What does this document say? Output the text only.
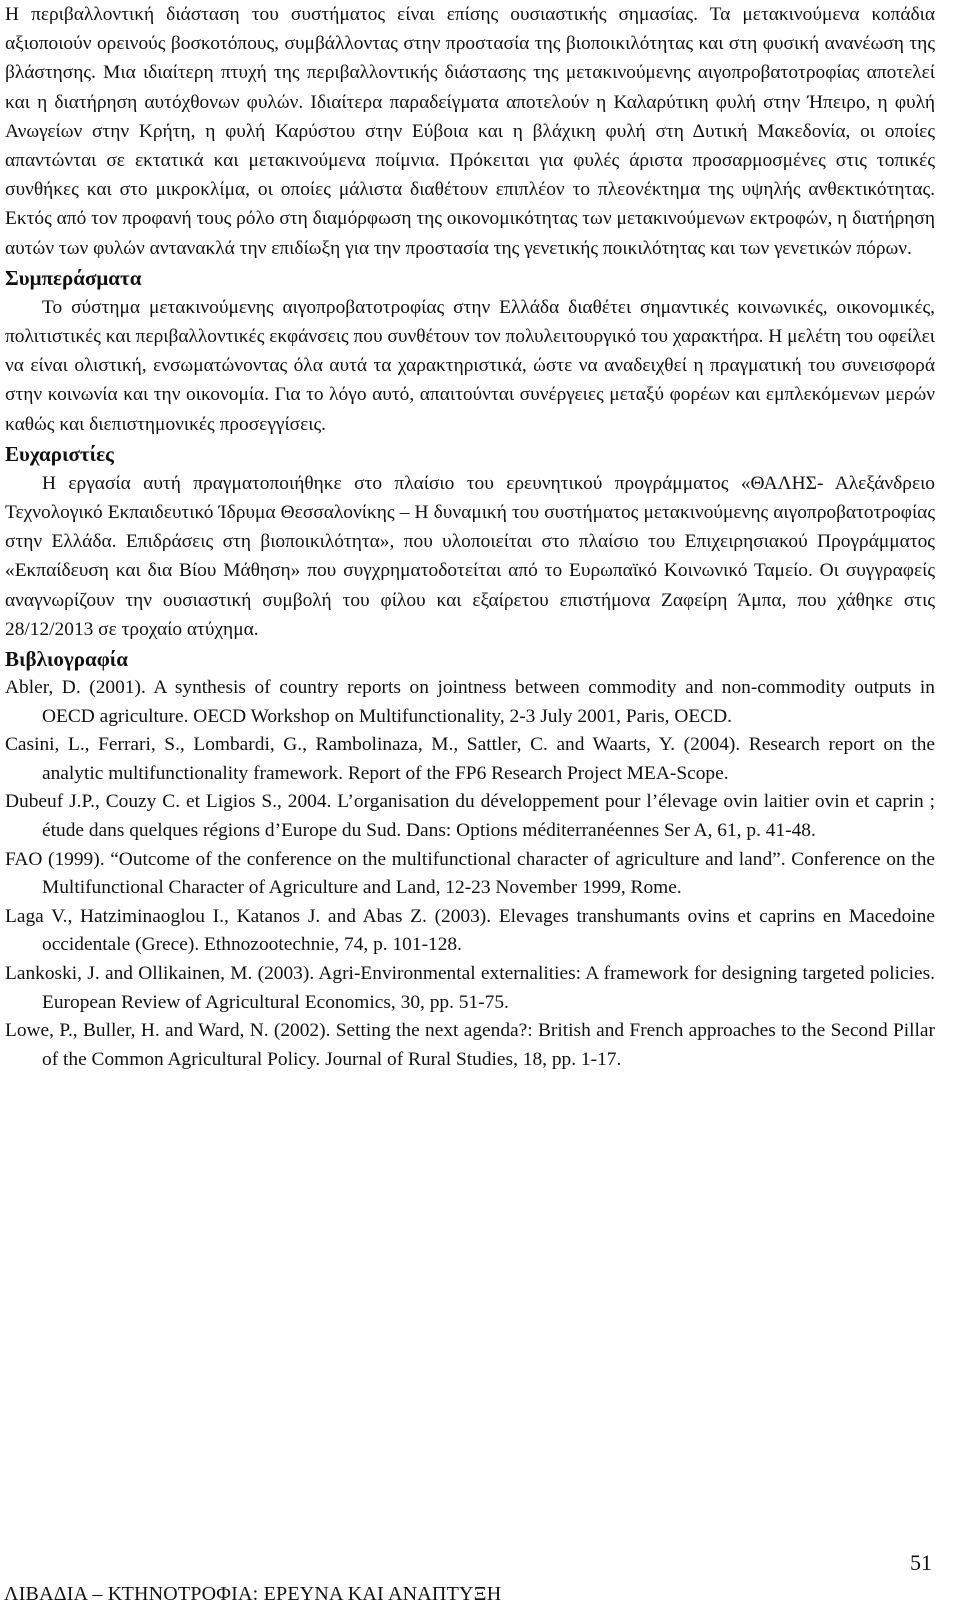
Η περιβαλλοντική διάσταση του συστήματος είναι επίσης ουσιαστικής σημασίας. Τα μετακινούμενα κοπάδια αξιοποιούν ορεινούς βοσκοτόπους, συμβάλλοντας στην προστασία της βιοποικιλότητας και στη φυσική ανανέωση της βλάστησης. Μια ιδιαίτερη πτυχή της περιβαλλοντικής διάστασης της μετακινούμενης αιγοπροβατοτροφίας αποτελεί και η διατήρηση αυτόχθονων φυλών. Ιδιαίτερα παραδείγματα αποτελούν η Καλαρύτικη φυλή στην Ήπειρο, η φυλή Ανωγείων στην Κρήτη, η φυλή Καρύστου στην Εύβοια και η βλάχικη φυλή στη Δυτική Μακεδονία, οι οποίες απαντώνται σε εκτατικά και μετακινούμενα ποίμνια. Πρόκειται για φυλές άριστα προσαρμοσμένες στις τοπικές συνθήκες και στο μικροκλίμα, οι οποίες μάλιστα διαθέτουν επιπλέον το πλεονέκτημα της υψηλής ανθεκτικότητας. Εκτός από τον προφανή τους ρόλο στη διαμόρφωση της οικονομικότητας των μετακινούμενων εκτροφών, η διατήρηση αυτών των φυλών αντανακλά την επιδίωξη για την προστασία της γενετικής ποικιλότητας και των γενετικών πόρων.

Συμπεράσματα

Το σύστημα μετακινούμενης αιγοπροβατοτροφίας στην Ελλάδα διαθέτει σημαντικές κοινωνικές, οικονομικές, πολιτιστικές και περιβαλλοντικές εκφάνσεις που συνθέτουν τον πολυλειτουργικό του χαρακτήρα. Η μελέτη του οφείλει να είναι ολιστική, ενσωματώνοντας όλα αυτά τα χαρακτηριστικά, ώστε να αναδειχθεί η πραγματική του συνεισφορά στην κοινωνία και την οικονομία. Για το λόγο αυτό, απαιτούνται συνέργειες μεταξύ φορέων και εμπλεκόμενων μερών καθώς και διεπιστημονικές προσεγγίσεις.

Ευχαριστίες

Η εργασία αυτή πραγματοποιήθηκε στο πλαίσιο του ερευνητικού προγράμματος «ΘΑΛΗΣ- Αλεξάνδρειο Τεχνολογικό Εκπαιδευτικό Ίδρυμα Θεσσαλονίκης – Η δυναμική του συστήματος μετακινούμενης αιγοπροβατοτροφίας στην Ελλάδα. Επιδράσεις στη βιοποικιλότητα», που υλοποιείται στο πλαίσιο του Επιχειρησιακού Προγράμματος «Εκπαίδευση και δια Βίου Μάθηση» που συγχρηματοδοτείται από το Ευρωπαϊκό Κοινωνικό Ταμείο. Οι συγγραφείς αναγνωρίζουν την ουσιαστική συμβολή του φίλου και εξαίρετου επιστήμονα Ζαφείρη Άμπα, που χάθηκε στις 28/12/2013 σε τροχαίο ατύχημα.

Βιβλιογραφία
Abler, D. (2001). A synthesis of country reports on jointness between commodity and non-commodity outputs in OECD agriculture. OECD Workshop on Multifunctionality, 2-3 July 2001, Paris, OECD.
Casini, L., Ferrari, S., Lombardi, G., Rambolinaza, M., Sattler, C. and Waarts, Y. (2004). Research report on the analytic multifunctionality framework. Report of the FP6 Research Project MEA-Scope.
Dubeuf J.P., Couzy C. et Ligios S., 2004. L’organisation du développement pour l’élevage ovin laitier ovin et caprin ; étude dans quelques régions d’Europe du Sud. Dans: Options méditerranéennes Ser A, 61, p. 41-48.
FAO (1999). “Outcome of the conference on the multifunctional character of agriculture and land”. Conference on the Multifunctional Character of Agriculture and Land, 12-23 November 1999, Rome.
Laga V., Hatziminaoglou I., Katanos J. and Abas Z. (2003). Elevages transhumants ovins et caprins en Macedoine occidentale (Grece). Ethnozootechnie, 74, p. 101-128.
Lankoski, J. and Ollikainen, M. (2003). Agri-Environmental externalities: A framework for designing targeted policies. European Review of Agricultural Economics, 30, pp. 51-75.
Lowe, P., Buller, H. and Ward, N. (2002). Setting the next agenda?: British and French approaches to the Second Pillar of the Common Agricultural Policy. Journal of Rural Studies, 18, pp. 1-17.
51
ΛΙΒΑΔΙΑ – ΚΤΗΝΟΤΡΟΦΙΑ: ΕΡΕΥΝΑ ΚΑΙ ΑΝΑΠΤΥΞΗ
